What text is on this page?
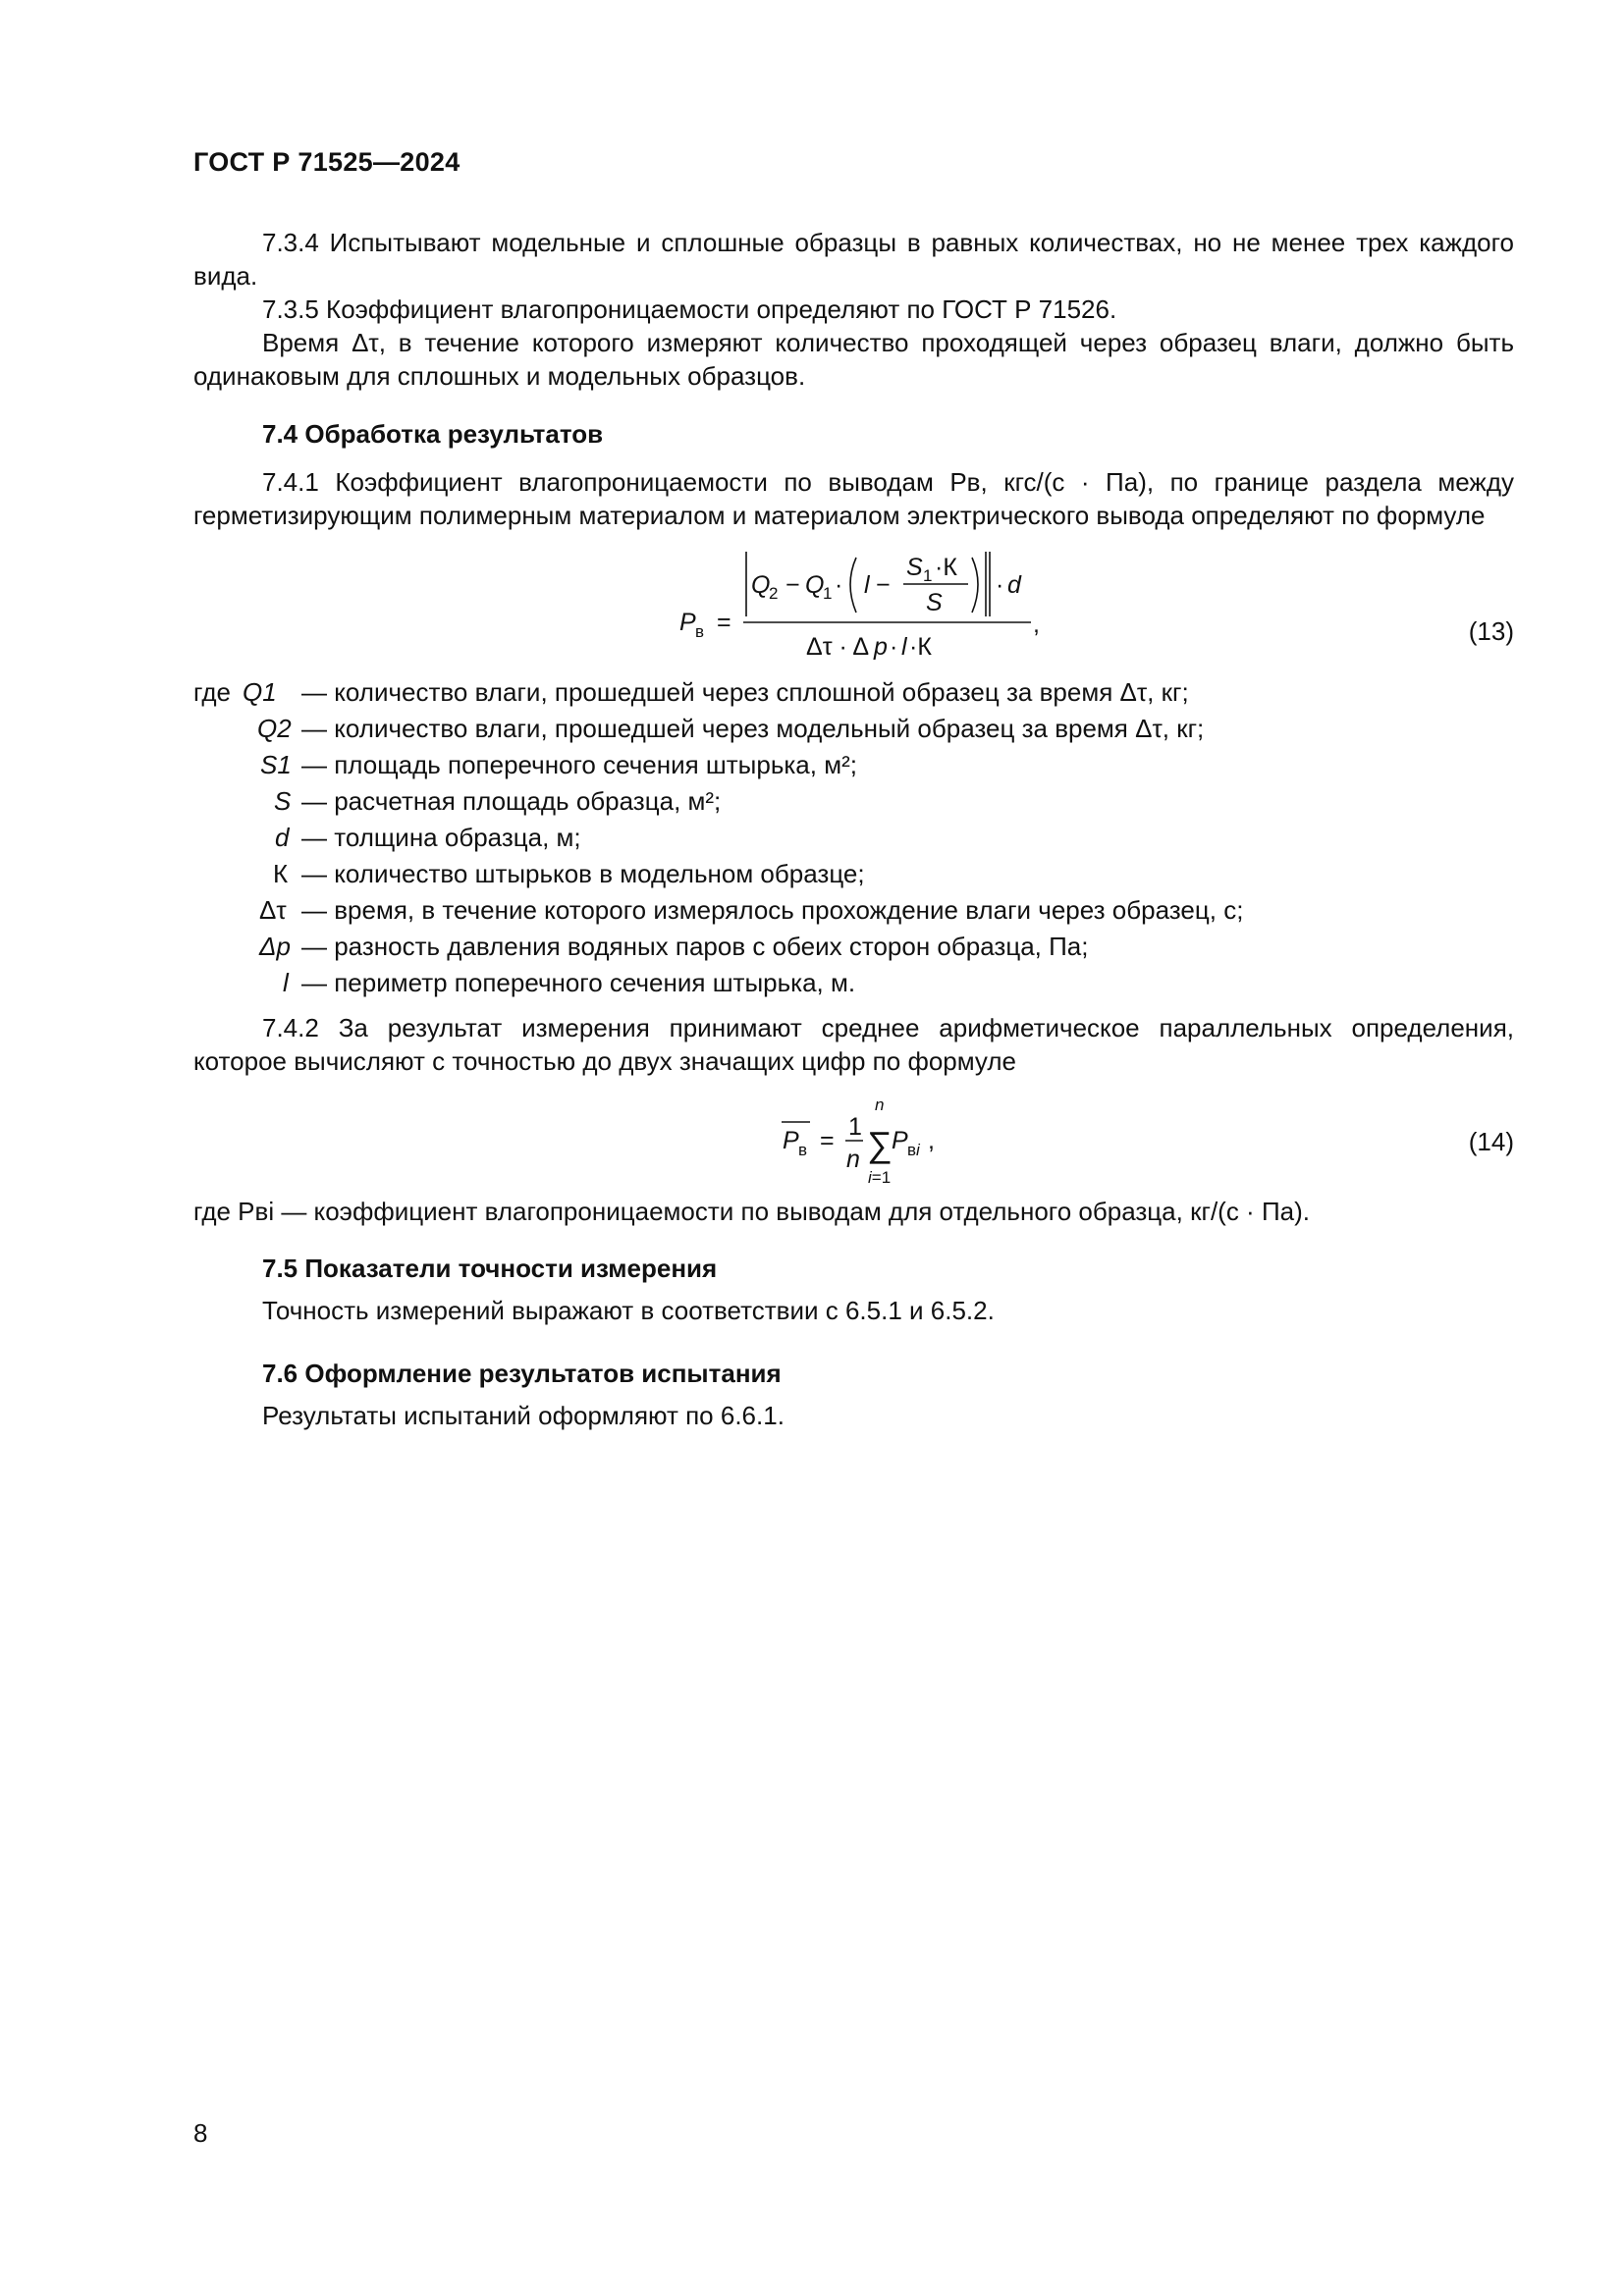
ГОСТ Р 71525—2024
7.3.4 Испытывают модельные и сплошные образцы в равных количествах, но не менее трех каждого вида.
7.3.5 Коэффициент влагопроницаемости определяют по ГОСТ Р 71526.
Время Δτ, в течение которого измеряют количество проходящей через образец влаги, должно быть одинаковым для сплошных и модельных образцов.
7.4 Обработка результатов
7.4.1 Коэффициент влагопроницаемости по выводам Pв, кгс/(с · Па), по границе раздела между герметизирующим полимерным материалом и материалом электрического вывода определяют по формуле
P в =
Q
2 − Q
1 · l −
S 1 ·К
S
· d
Δτ · Δ p · l ·К
,	(13)
где Q1 — количество влаги, прошедшей через сплошной образец за время Δτ, кг;
Q2 — количество влаги, прошедшей через модельный образец за время Δτ, кг;
S1 — площадь поперечного сечения штырька, м²;
S — расчетная площадь образца, м²;
d — толщина образца, м;
К — количество штырьков в модельном образце;
Δτ — время, в течение которого измерялось прохождение влаги через образец, с;
Δp — разность давления водяных паров с обеих сторон образца, Па;
l — периметр поперечного сечения штырька, м.
7.4.2 За результат измерения принимают среднее арифметическое параллельных определения, которое вычисляют с точностью до двух значащих цифр по формуле
P в = 1
n
n
∑
i=1
P вi ,	(14)
где Pвi — коэффициент влагопроницаемости по выводам для отдельного образца, кг/(с · Па).
7.5 Показатели точности измерения
Точность измерений выражают в соответствии с 6.5.1 и 6.5.2.
7.6 Оформление результатов испытания
Результаты испытаний оформляют по 6.6.1.
8
